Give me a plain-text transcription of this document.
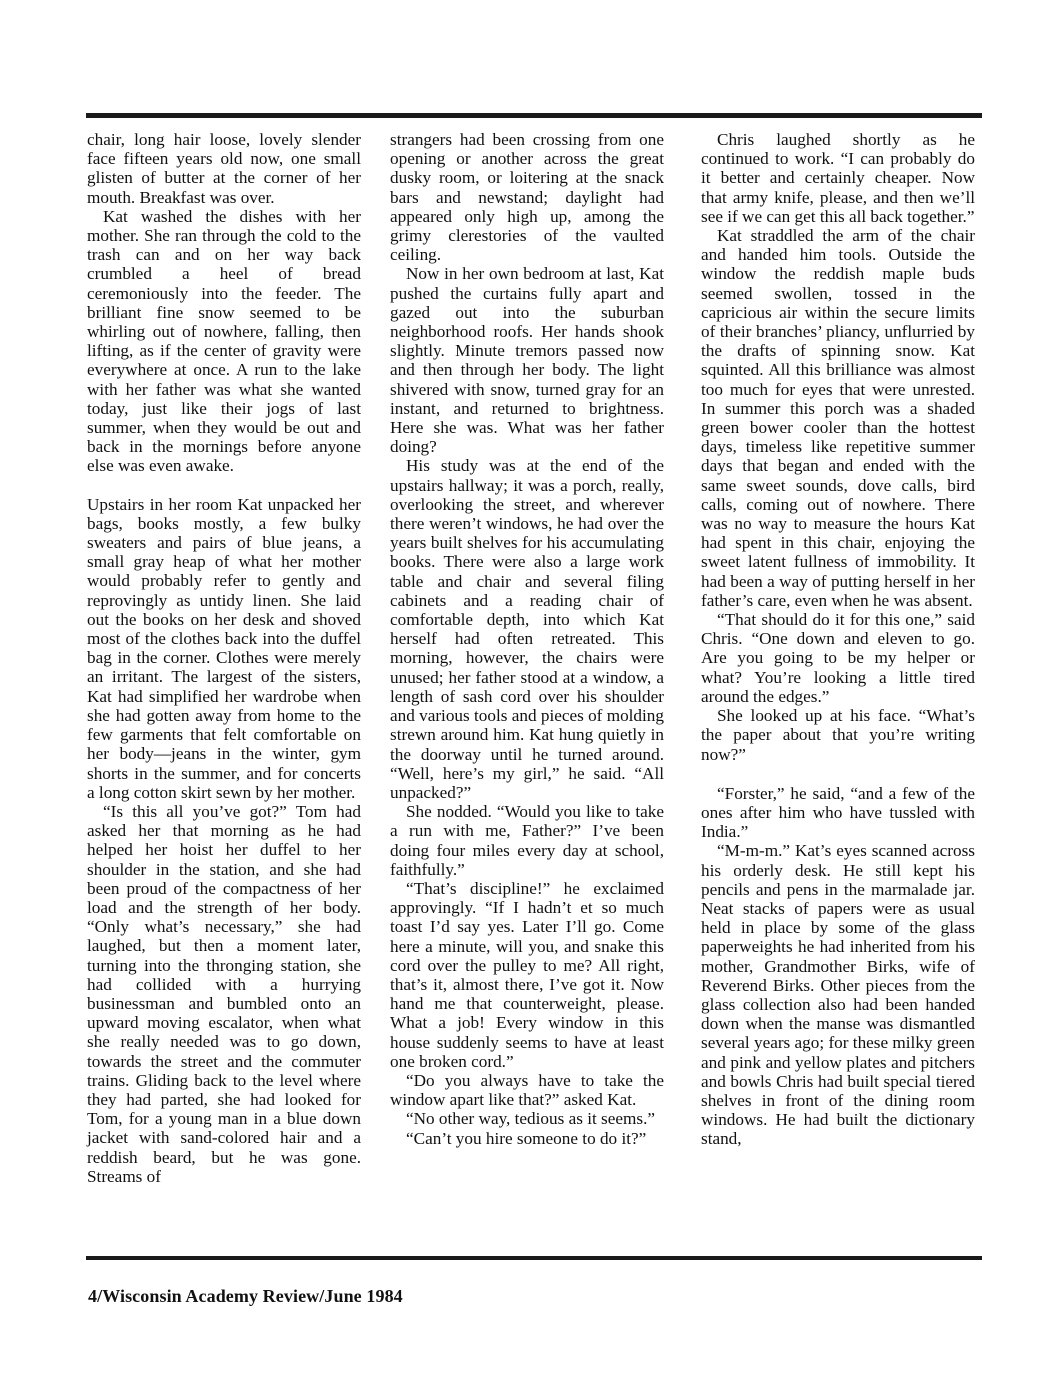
chair, long hair loose, lovely slender face fifteen years old now, one small glisten of butter at the corner of her mouth. Breakfast was over.

Kat washed the dishes with her mother. She ran through the cold to the trash can and on her way back crumbled a heel of bread ceremoniously into the feeder. The brilliant fine snow seemed to be whirling out of nowhere, falling, then lifting, as if the center of gravity were everywhere at once. A run to the lake with her father was what she wanted today, just like their jogs of last summer, when they would be out and back in the mornings before anyone else was even awake.

Upstairs in her room Kat unpacked her bags, books mostly, a few bulky sweaters and pairs of blue jeans, a small gray heap of what her mother would probably refer to gently and reprovingly as untidy linen. She laid out the books on her desk and shoved most of the clothes back into the duffel bag in the corner. Clothes were merely an irritant. The largest of the sisters, Kat had simplified her wardrobe when she had gotten away from home to the few garments that felt comfortable on her body—jeans in the winter, gym shorts in the summer, and for concerts a long cotton skirt sewn by her mother.

“Is this all you’ve got?” Tom had asked her that morning as he had helped her hoist her duffel to her shoulder in the station, and she had been proud of the compactness of her load and the strength of her body. “Only what’s necessary,” she had laughed, but then a moment later, turning into the thronging station, she had collided with a hurrying businessman and bumbled onto an upward moving escalator, when what she really needed was to go down, towards the street and the commuter trains. Gliding back to the level where they had parted, she had looked for Tom, for a young man in a blue down jacket with sand-colored hair and a reddish beard, but he was gone. Streams of

strangers had been crossing from one opening or another across the great dusky room, or loitering at the snack bars and newstand; daylight had appeared only high up, among the grimy clerestories of the vaulted ceiling.

Now in her own bedroom at last, Kat pushed the curtains fully apart and gazed out into the suburban neighborhood roofs. Her hands shook slightly. Minute tremors passed now and then through her body. The light shivered with snow, turned gray for an instant, and returned to brightness. Here she was. What was her father doing?

His study was at the end of the upstairs hallway; it was a porch, really, overlooking the street, and wherever there weren’t windows, he had over the years built shelves for his accumulating books. There were also a large work table and chair and several filing cabinets and a reading chair of comfortable depth, into which Kat herself had often retreated. This morning, however, the chairs were unused; her father stood at a window, a length of sash cord over his shoulder and various tools and pieces of molding strewn around him. Kat hung quietly in the doorway until he turned around. “Well, here’s my girl,” he said. “All unpacked?”

She nodded. “Would you like to take a run with me, Father?” I’ve been doing four miles every day at school, faithfully.”

“That’s discipline!” he exclaimed approvingly. “If I hadn’t et so much toast I’d say yes. Later I’ll go. Come here a minute, will you, and snake this cord over the pulley to me? All right, that’s it, almost there, I’ve got it. Now hand me that counterweight, please. What a job! Every window in this house suddenly seems to have at least one broken cord.”

“Do you always have to take the window apart like that?” asked Kat.

“No other way, tedious as it seems.”

“Can’t you hire someone to do it?”

Chris laughed shortly as he continued to work. “I can probably do it better and certainly cheaper. Now that army knife, please, and then we’ll see if we can get this all back together.”

Kat straddled the arm of the chair and handed him tools. Outside the window the reddish maple buds seemed swollen, tossed in the capricious air within the secure limits of their branches’ pliancy, unflurried by the drafts of spinning snow. Kat squinted. All this brilliance was almost too much for eyes that were unrested. In summer this porch was a shaded green bower cooler than the hottest days, timeless like repetitive summer days that began and ended with the same sweet sounds, dove calls, bird calls, coming out of nowhere. There was no way to measure the hours Kat had spent in this chair, enjoying the sweet latent fullness of immobility. It had been a way of putting herself in her father’s care, even when he was absent.

“That should do it for this one,” said Chris. “One down and eleven to go. Are you going to be my helper or what? You’re looking a little tired around the edges.”

She looked up at his face. “What’s the paper about that you’re writing now?”

“Forster,” he said, “and a few of the ones after him who have tussled with India.”

“M-m-m.” Kat’s eyes scanned across his orderly desk. He still kept his pencils and pens in the marmalade jar. Neat stacks of papers were as usual held in place by some of the glass paperweights he had inherited from his mother, Grandmother Birks, wife of Reverend Birks. Other pieces from the glass collection also had been handed down when the manse was dismantled several years ago; for these milky green and pink and yellow plates and pitchers and bowls Chris had built special tiered shelves in front of the dining room windows. He had built the dictionary stand,

4/Wisconsin Academy Review/June 1984
